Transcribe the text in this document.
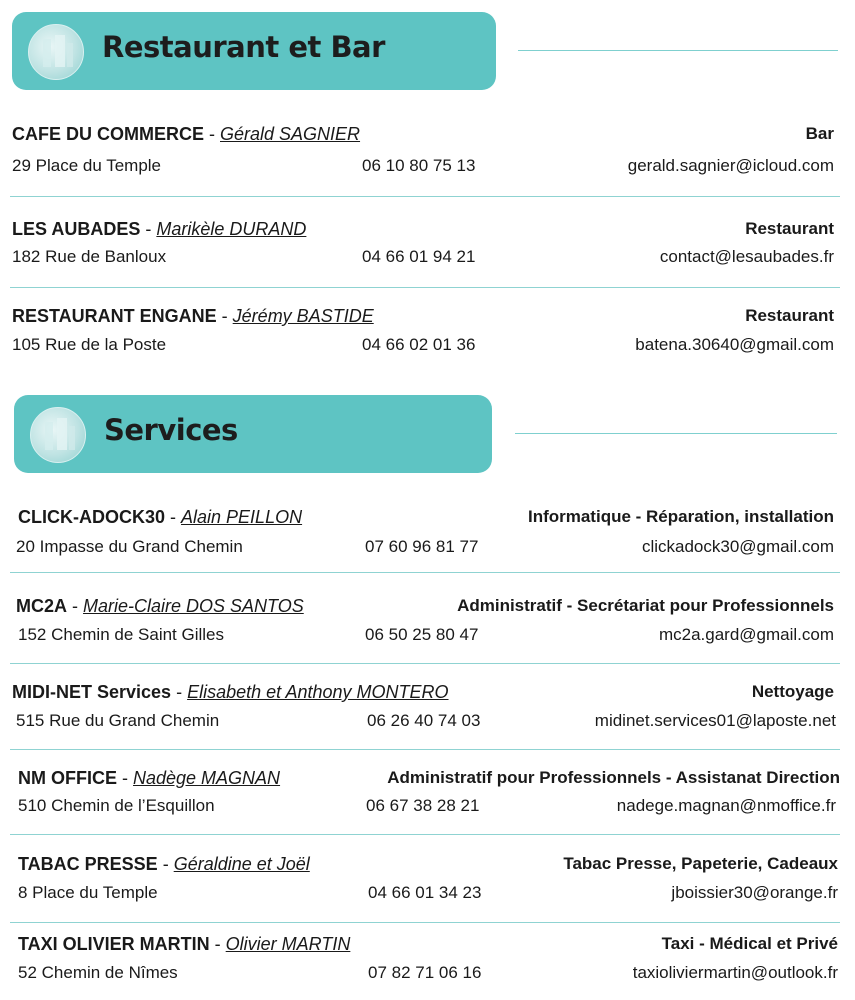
Restaurant et Bar
CAFE DU COMMERCE - Gérald SAGNIER	Bar
29 Place du Temple	06 10 80 75 13	gerald.sagnier@icloud.com
LES AUBADES - Marikèle DURAND	Restaurant
182 Rue de Banloux	04 66 01 94 21	contact@lesaubades.fr
RESTAURANT ENGANE - Jérémy BASTIDE	Restaurant
105 Rue de la Poste	04 66 02 01 36	batena.30640@gmail.com
Services
CLICK-ADOCK30 - Alain PEILLON	Informatique - Réparation, installation
20 Impasse du Grand Chemin	07 60 96 81 77	clickadock30@gmail.com
MC2A - Marie-Claire DOS SANTOS	Administratif - Secrétariat pour Professionnels
152 Chemin de Saint Gilles	06 50 25 80 47	mc2a.gard@gmail.com
MIDI-NET Services - Elisabeth et Anthony MONTERO	Nettoyage
515 Rue du Grand Chemin	06 26 40 74 03	midinet.services01@laposte.net
NM OFFICE - Nadège MAGNAN	Administratif pour Professionnels - Assistanat Direction
510 Chemin de l’Esquillon	06 67 38 28 21	nadege.magnan@nmoffice.fr
TABAC PRESSE - Géraldine et Joël	Tabac Presse, Papeterie, Cadeaux
8 Place du Temple	04 66 01 34 23	jboissier30@orange.fr
TAXI OLIVIER MARTIN - Olivier MARTIN	Taxi - Médical et Privé
52 Chemin de Nîmes	07 82 71 06 16	taxioliviermartin@outlook.fr
